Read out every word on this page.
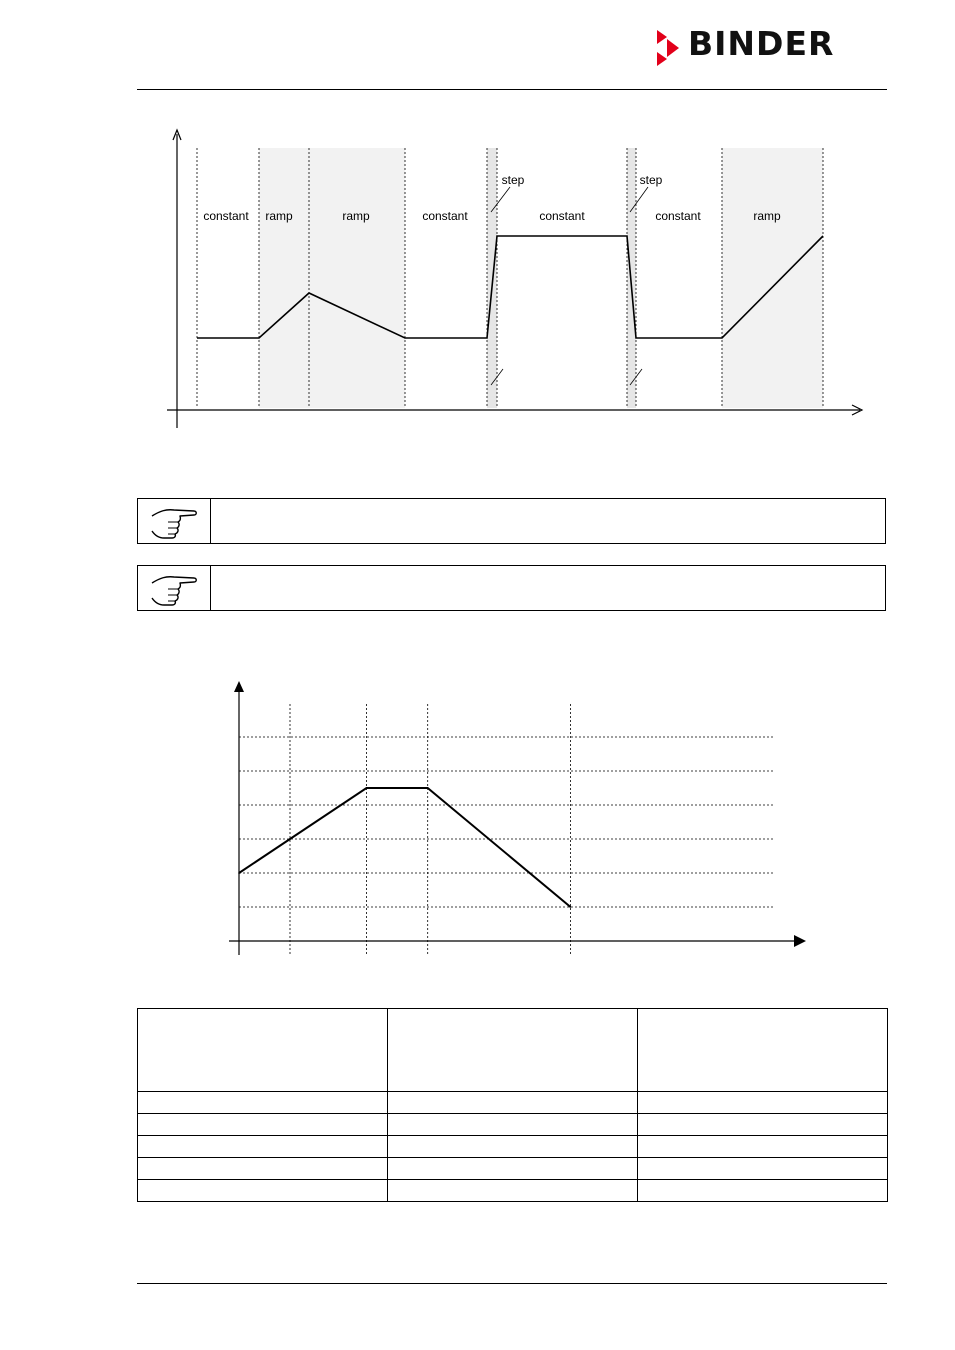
BINDER
constant ramp	ramp	constant	constant	constant	ramp
step	step
